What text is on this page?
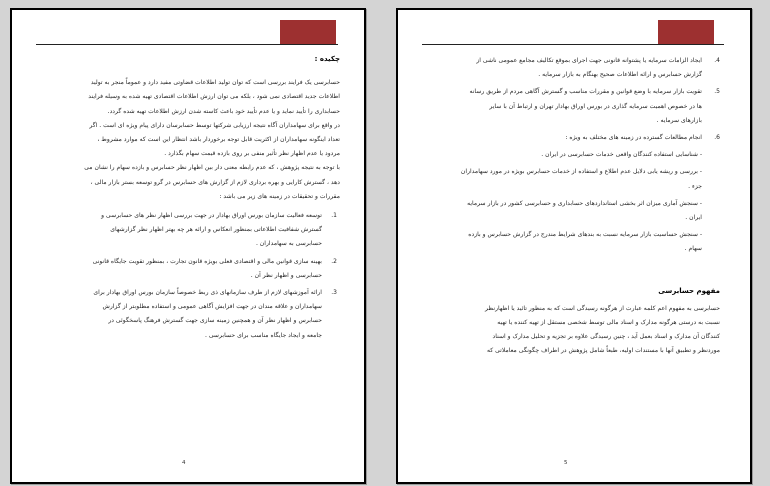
چکیده :

حسابرسی یک فرایند بررسی است که توان تولید اطلاعات قضاوتی مفید دارد و عموماً منجر به تولید

اطلاعات جدید اقتصادی نمی شود ، بلکه می توان ارزش اطلاعات اقتصادی تهیه شده به وسیله فرایند

حسابداری را تأیید نماید و یا عدم تأیید خود باعث کاسته شدن ارزش اطلاعات تهیه شده گردد.

در واقع برای سهامداران آگاه نتیجه ارزیابی شرکتها توسط حسابرسان دارای پیام ویژه ای است . اگر

تعداد اینگونه سهامداران از اکثریت قابل توجه برخوردار باشد انتظار این است که موارد مشروط ،

مردود یا عدم اظهار نظر تأثیر منفی بر روی بازده قیمت سهام بگذارد .

با توجه به نتیجه پژوهش ، که عدم رابطه معنی دار بین اظهار نظر حسابرس و بازده سهام را نشان می

دهد ، گسترش کارایی و بهره برداری لازم از گزارش های حسابرس در گرو توسعه بستر بازار مالی ،

مقررات و تحقیقات در زمینه های زیر می باشد :

1.
توسعه فعالیت سازمان بورس اوراق بهادار در جهت بررسی اظهار نظر های حسابرسی و
گسترش شفافیت اطلاعاتی بمنظور انعکاس و ارائه هر چه بهتر اظهار نظر گزارشهای
حسابرسی به سهامداران .
2.
بهینه سازی قوانین مالی و اقتصادی فعلی بویژه قانون تجارت ، بمنظور تقویت جایگاه قانونی
حسابرسی و اظهار نظر آن .
3.
ارائه آموزشهای لازم از طرف سازمانهای ذی ربط خصوصاً سازمان بورس اوراق بهادار برای
سهامداران و علاقه مندان در جهت افزایش آگاهی عمومی و استفاده مطلوبتر از گزارش
حسابرس و اظهار نظر آن و همچنین زمینه سازی جهت گسترش فرهنگ پاسخگوئی در
جامعه و ایجاد جایگاه مناسب برای حسابرسی .
4
4.
ایجاد الزامات سرمایه یا پشتوانه قانونی جهت اجرای بموقع تکالیف مجامع عمومی ناشی از
گزارش حسابرس و ارائه اطلاعات صحیح بهنگام به بازار سرمایه .
5.
تقویت بازار سرمایه با وضع قوانین و مقررات مناسب و گسترش آگاهی مردم از طریق رسانه
ها در خصوص اهمیت سرمایه گذاری در بورس اوراق بهادار تهران و ارتباط آن با سایر
بازارهای سرمایه .
6.
انجام مطالعات گسترده در زمینه های مختلف به ویژه :
- شناسایی استفاده کنندگان واقعی خدمات حسابرسی در ایران .
- بررسی و ریشه یابی دلایل عدم اطلاع و استفاده از خدمات حسابرس بویژه در مورد سهامداران
جزء .
- سنجش آماری میزان اثر بخشی استانداردهای حسابداری و حسابرسی کشور در بازار سرمایه
ایران .
- سنجش حساسیت بازار سرمایه نسبت به بندهای شرایط مندرج در گزارش حسابرس و بازده
سهام .
مفهوم حسابرسی

حسابرسی به مفهوم اعم کلمه عبارت از هرگونه رسیدگی است که به منظور تائید یا اظهارنظر

نسبت به درستی هرگونه مدارک و اسناد مالی توسط شخصی مستقل از تهیه کننده یا تهیه

کنندگان آن مدارک و اسناد بعمل آید ، چنین رسیدگی علاوه بر تجزیه و تحلیل مدارک و اسناد

موردنظر و تطبیق آنها با مستندات اولیه، طبعاً شامل پژوهش در اطراف چگونگی معاملاتی که

5
